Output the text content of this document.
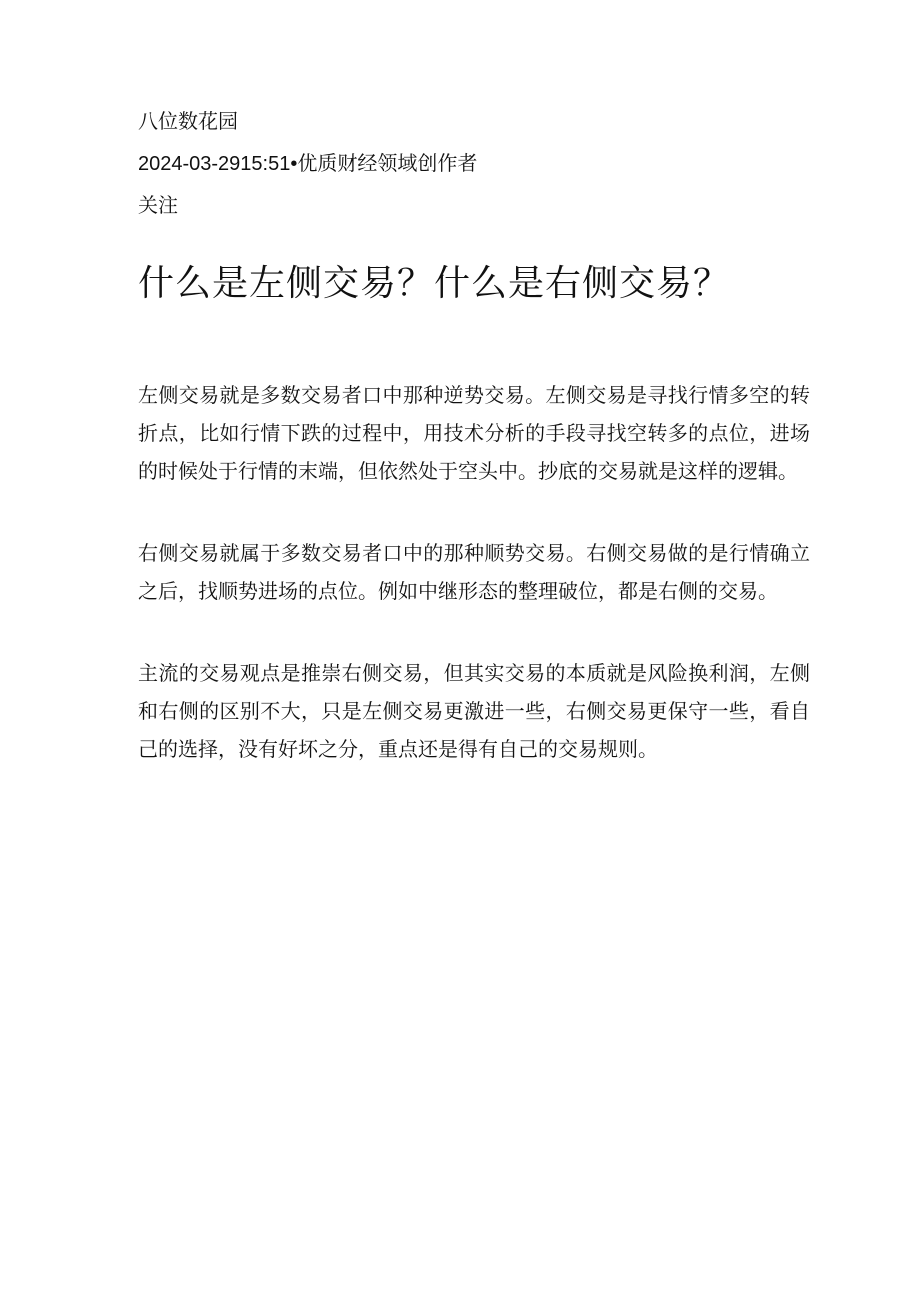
八位数花园
2024-03-2915:51•优质财经领域创作者
关注
什么是左侧交易？什么是右侧交易？

左侧交易就是多数交易者口中那种逆势交易。左侧交易是寻找行情多空的转折点，比如行情下跌的过程中，用技术分析的手段寻找空转多的点位，进场的时候处于行情的末端，但依然处于空头中。抄底的交易就是这样的逻辑。

右侧交易就属于多数交易者口中的那种顺势交易。右侧交易做的是行情确立之后，找顺势进场的点位。例如中继形态的整理破位，都是右侧的交易。

主流的交易观点是推崇右侧交易，但其实交易的本质就是风险换利润，左侧和右侧的区别不大，只是左侧交易更激进一些，右侧交易更保守一些，看自己的选择，没有好坏之分，重点还是得有自己的交易规则。
